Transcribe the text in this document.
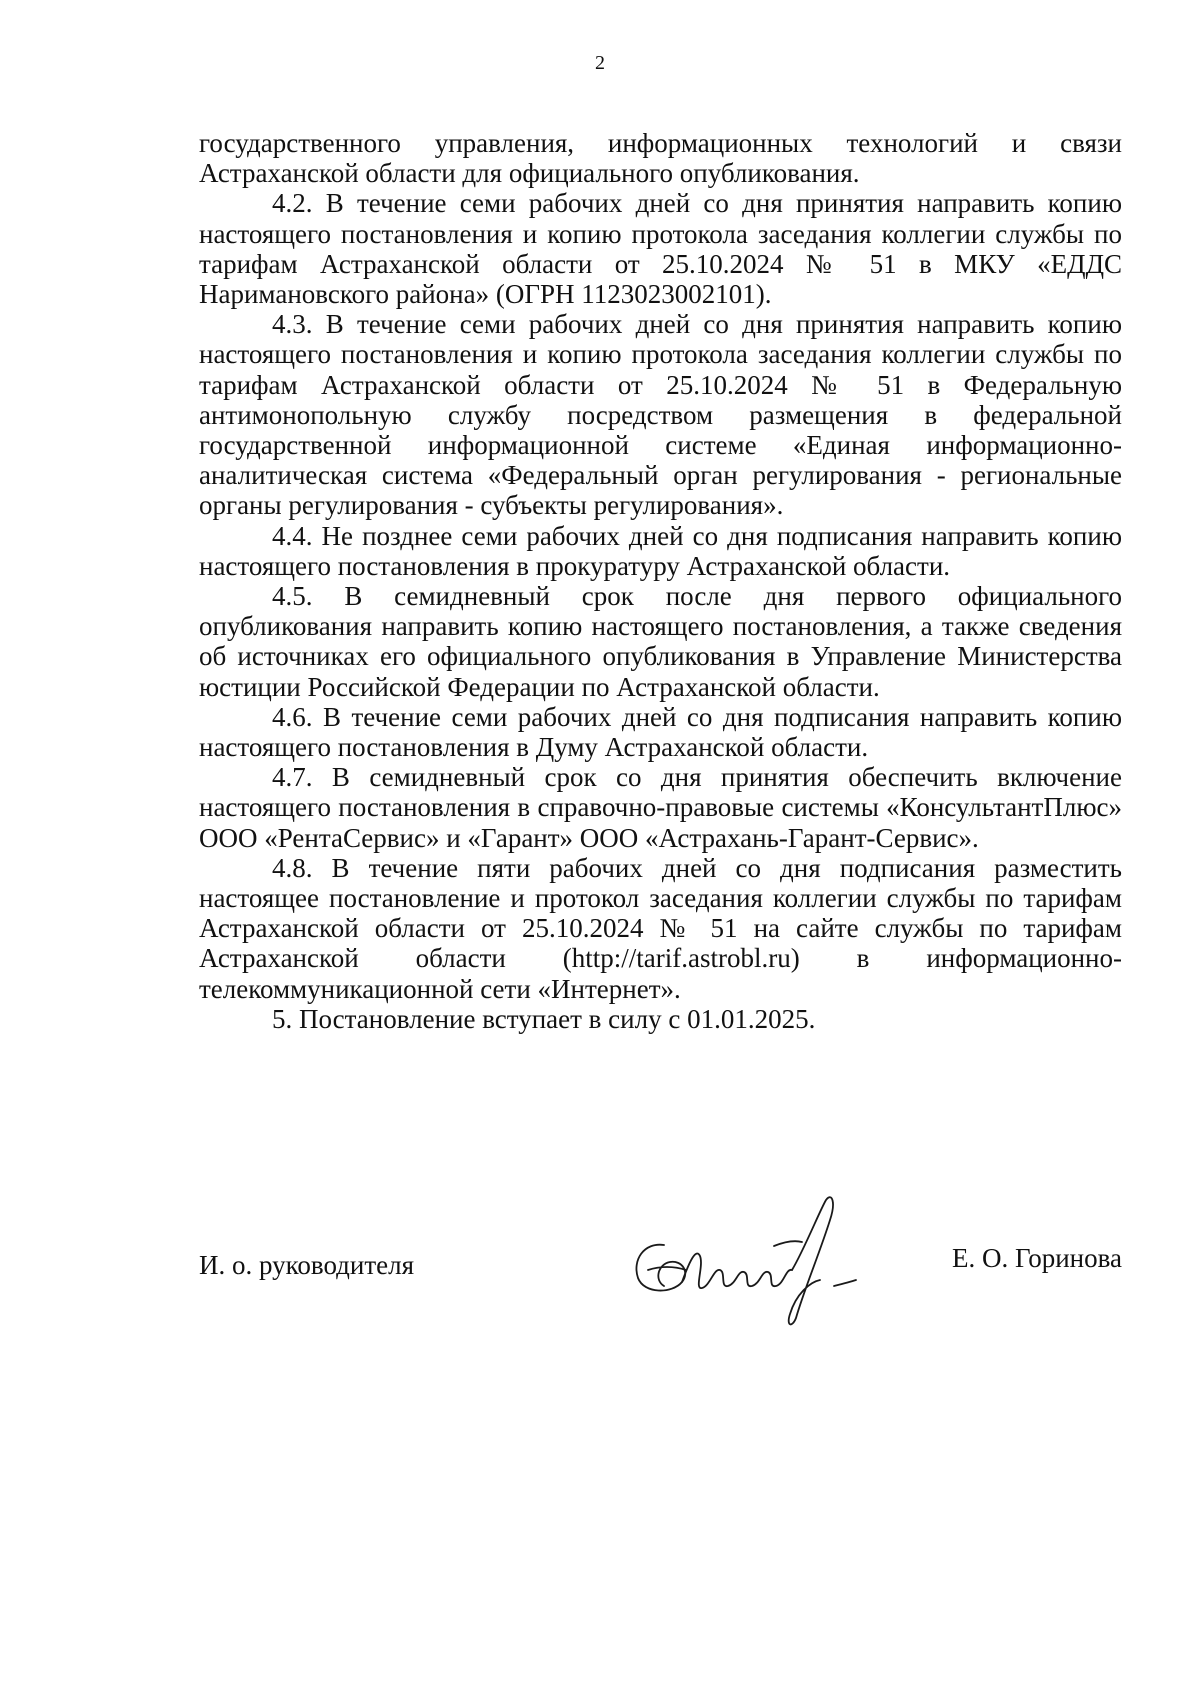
2

государственного управления, информационных технологий и связи Астраханской области для официального опубликования.

4.2. В течение семи рабочих дней со дня принятия направить копию настоящего постановления и копию протокола заседания коллегии службы по тарифам Астраханской области от 25.10.2024 № 51 в МКУ «ЕДДС Наримановского района» (ОГРН 1123023002101).

4.3. В течение семи рабочих дней со дня принятия направить копию настоящего постановления и копию протокола заседания коллегии службы по тарифам Астраханской области от 25.10.2024 № 51 в Федеральную антимонопольную службу посредством размещения в федеральной государственной информационной системе «Единая информационно-аналитическая система «Федеральный орган регулирования - региональные органы регулирования - субъекты регулирования».

4.4. Не позднее семи рабочих дней со дня подписания направить копию настоящего постановления в прокуратуру Астраханской области.

4.5. В семидневный срок после дня первого официального опубликования направить копию настоящего постановления, а также сведения об источниках его официального опубликования в Управление Министерства юстиции Российской Федерации по Астраханской области.

4.6. В течение семи рабочих дней со дня подписания направить копию настоящего постановления в Думу Астраханской области.

4.7. В семидневный срок со дня принятия обеспечить включение настоящего постановления в справочно-правовые системы «КонсультантПлюс» ООО «РентаСервис» и «Гарант» ООО «Астрахань-Гарант-Сервис».

4.8. В течение пяти рабочих дней со дня подписания разместить настоящее постановление и протокол заседания коллегии службы по тарифам Астраханской области от 25.10.2024 № 51 на сайте службы по тарифам Астраханской области (http://tarif.astrobl.ru) в информационно-телекоммуникационной сети «Интернет».

5. Постановление вступает в силу с 01.01.2025.

И. о. руководителя	Е. О. Горинова
